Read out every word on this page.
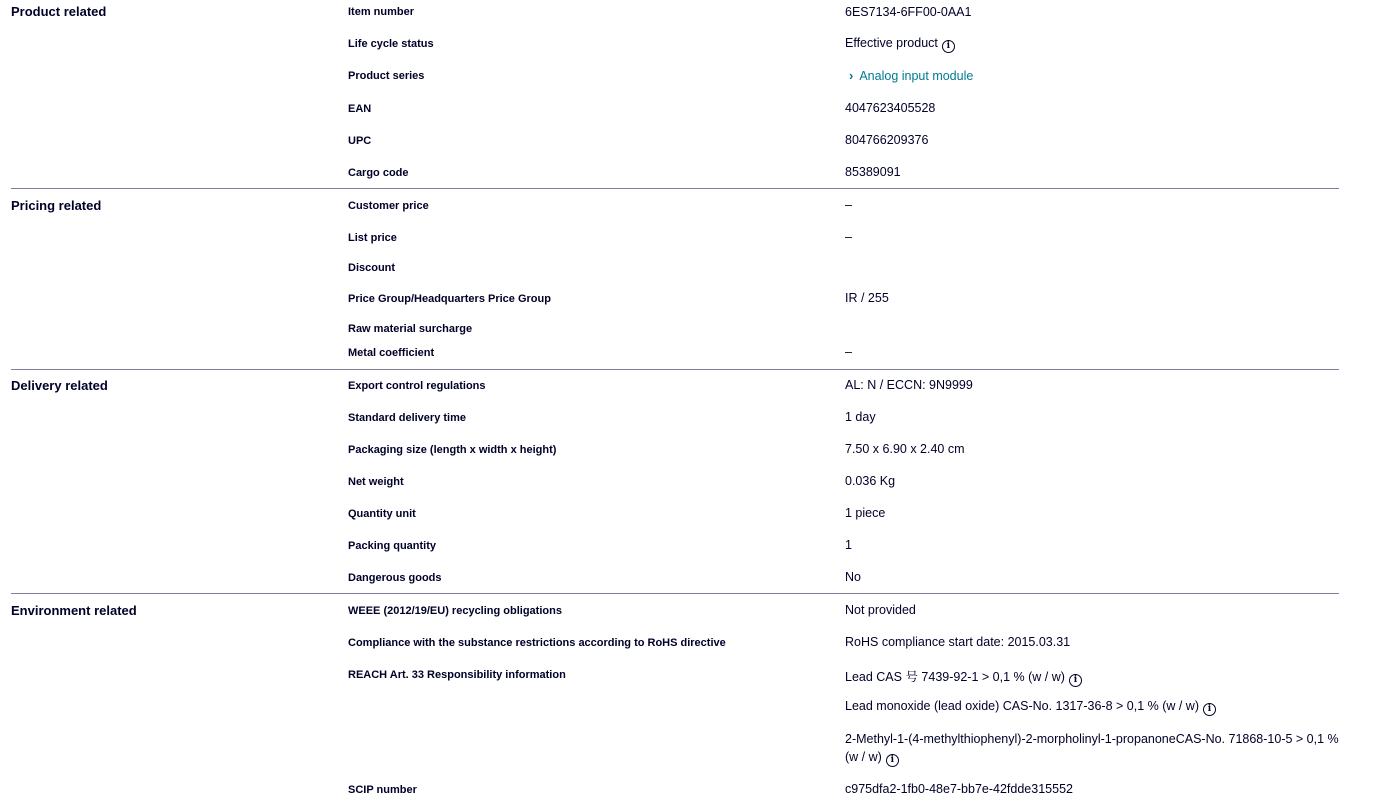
Product related	Item number	6ES7134-6FF00-0AA1
Life cycle status	Effective product i
Product series	› Analog input module
EAN	4047623405528
UPC	804766209376
Cargo code	85389091
Pricing related	Customer price	–
List price	–
Discount
Price Group/Headquarters Price Group	IR / 255
Raw material surcharge
Metal coefficient	–
Delivery related	Export control regulations	AL: N / ECCN: 9N9999
Standard delivery time	1 day
Packaging size (length x width x height)	7.50 x 6.90 x 2.40 cm
Net weight	0.036 Kg
Quantity unit	1 piece
Packing quantity	1
Dangerous goods	No
Environment related	WEEE (2012/19/EU) recycling obligations	Not provided
Compliance with the substance restrictions according to RoHS directive	RoHS compliance start date: 2015.03.31
REACH Art. 33 Responsibility information	Lead CAS 号 7439-92-1 > 0,1 % (w / w) i
Lead monoxide (lead oxide) CAS-No. 1317-36-8 > 0,1 % (w / w) i
2-Methyl-1-(4-methylthiophenyl)-2-morpholinyl-1-propanoneCAS-No. 71868-10-5 > 0,1 % (w / w) i
SCIP number	c975dfa2-1fb0-48e7-bb7e-42fdde315552
